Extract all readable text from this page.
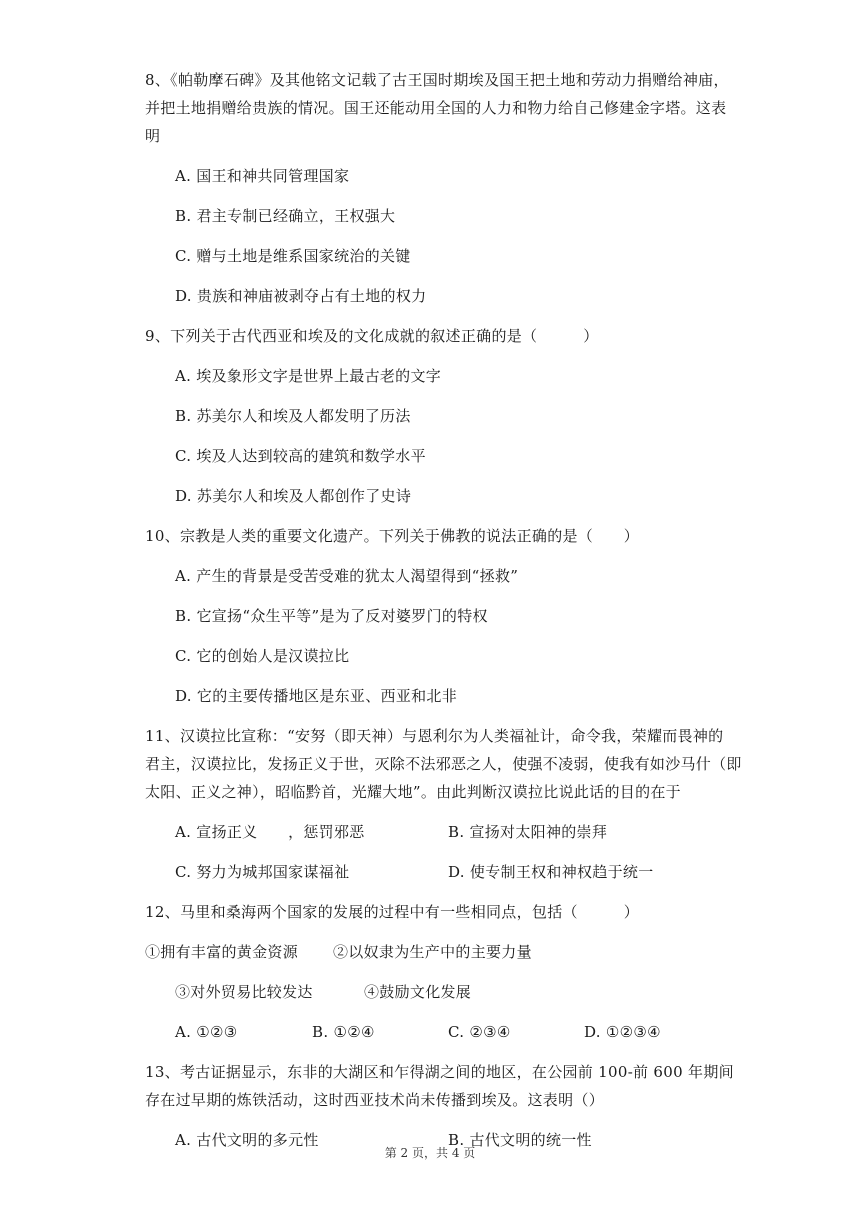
8、《帕勒摩石碑》及其他铭文记载了古王国时期埃及国王把土地和劳动力捐赠给神庙，
并把土地捐赠给贵族的情况。国王还能动用全国的人力和物力给自己修建金字塔。这表
明
A. 国王和神共同管理国家
B. 君主专制已经确立，王权强大
C. 赠与土地是维系国家统治的关键
D. 贵族和神庙被剥夺占有土地的权力
9、下列关于古代西亚和埃及的文化成就的叙述正确的是（　　　）
A. 埃及象形文字是世界上最古老的文字
B. 苏美尔人和埃及人都发明了历法
C. 埃及人达到较高的建筑和数学水平
D. 苏美尔人和埃及人都创作了史诗
10、宗教是人类的重要文化遗产。下列关于佛教的说法正确的是（　　）
A. 产生的背景是受苦受难的犹太人渴望得到“拯救”
B. 它宣扬“众生平等”是为了反对婆罗门的特权
C. 它的创始人是汉谟拉比
D. 它的主要传播地区是东亚、西亚和北非
11、汉谟拉比宣称：“安努（即天神）与恩利尔为人类福祉计，命令我，荣耀而畏神的
君主，汉谟拉比，发扬正义于世，灭除不法邪恶之人，使强不凌弱，使我有如沙马什（即
太阳、正义之神），昭临黔首，光耀大地”。由此判断汉谟拉比说此话的目的在于
A. 宣扬正义　　，惩罚邪恶	B. 宣扬对太阳神的崇拜
C. 努力为城邦国家谋福祉	D. 使专制王权和神权趋于统一
12、马里和桑海两个国家的发展的过程中有一些相同点，包括（　　　）
①拥有丰富的黄金资源 ②以奴隶为生产中的主要力量
③对外贸易比较发达	④鼓励文化发展
A. ①②③	B. ①②④	C. ②③④	D. ①②③④
13、考古证据显示，东非的大湖区和乍得湖之间的地区，在公园前 100-前 600 年期间
存在过早期的炼铁活动，这时西亚技术尚未传播到埃及。这表明（）
A. 古代文明的多元性	B. 古代文明的统一性
第 2 页，共 4 页
